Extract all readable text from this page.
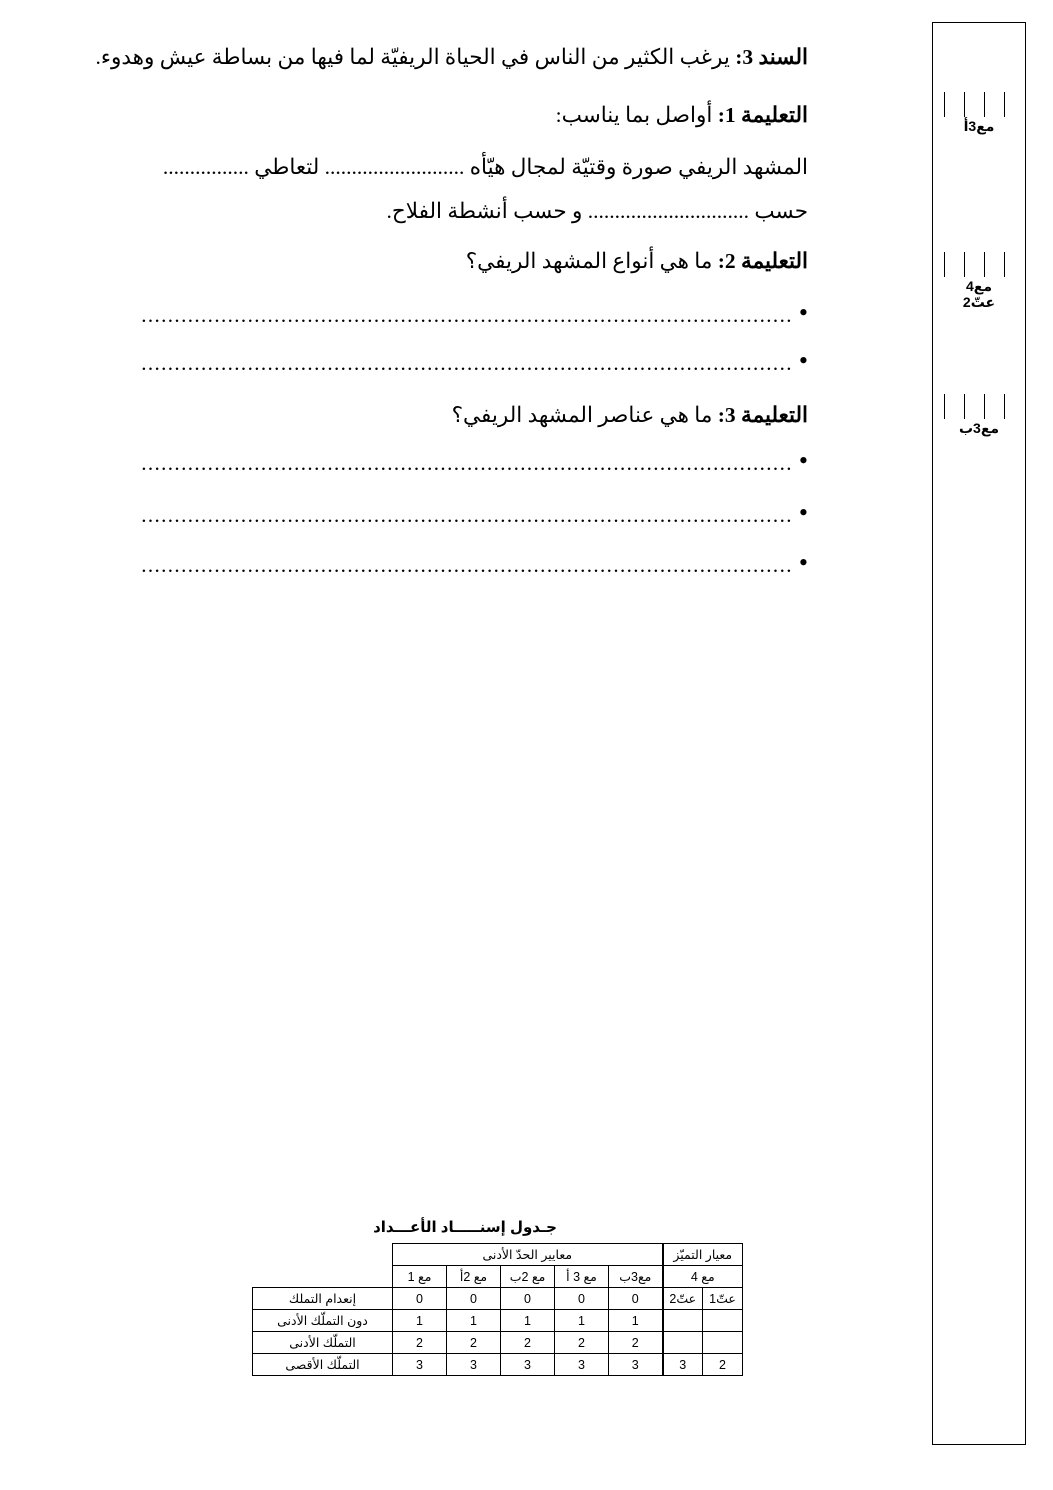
السند 3: يرغب الكثير من الناس في الحياة الريفيّة لما فيها من بساطة عيش وهدوء.
التعليمة 1: أواصل بما يناسب:
المشهد الريفي صورة وقتيّة لمجال هيّأه .......................... لتعاطي ................
حسب .............................. و حسب أنشطة الفلاح.
التعليمة 2: ما هي أنواع المشهد الريفي؟
•
..................................................................................................
•
..................................................................................................
التعليمة 3: ما هي عناصر المشهد الريفي؟
•
..................................................................................................
•
..................................................................................................
•
..................................................................................................
جـدول إسنـــــاد الأعـــداد
معيار التميّز		معايير الحدّ الأدنى					
مع 4		مع3ب	مع 3 أ	مع 2ب	مع 2أ	مع 1	
عتّ1	عتّ2	0	0	0	0	0	إنعدام التملك
		1	1	1	1	1	دون التملّك الأدنى
		2	2	2	2	2	التملّك الأدنى
2	3	3	3	3	3	3	التملّك الأقصى
مع3أ
مع4
عتّ2
مع3ب
